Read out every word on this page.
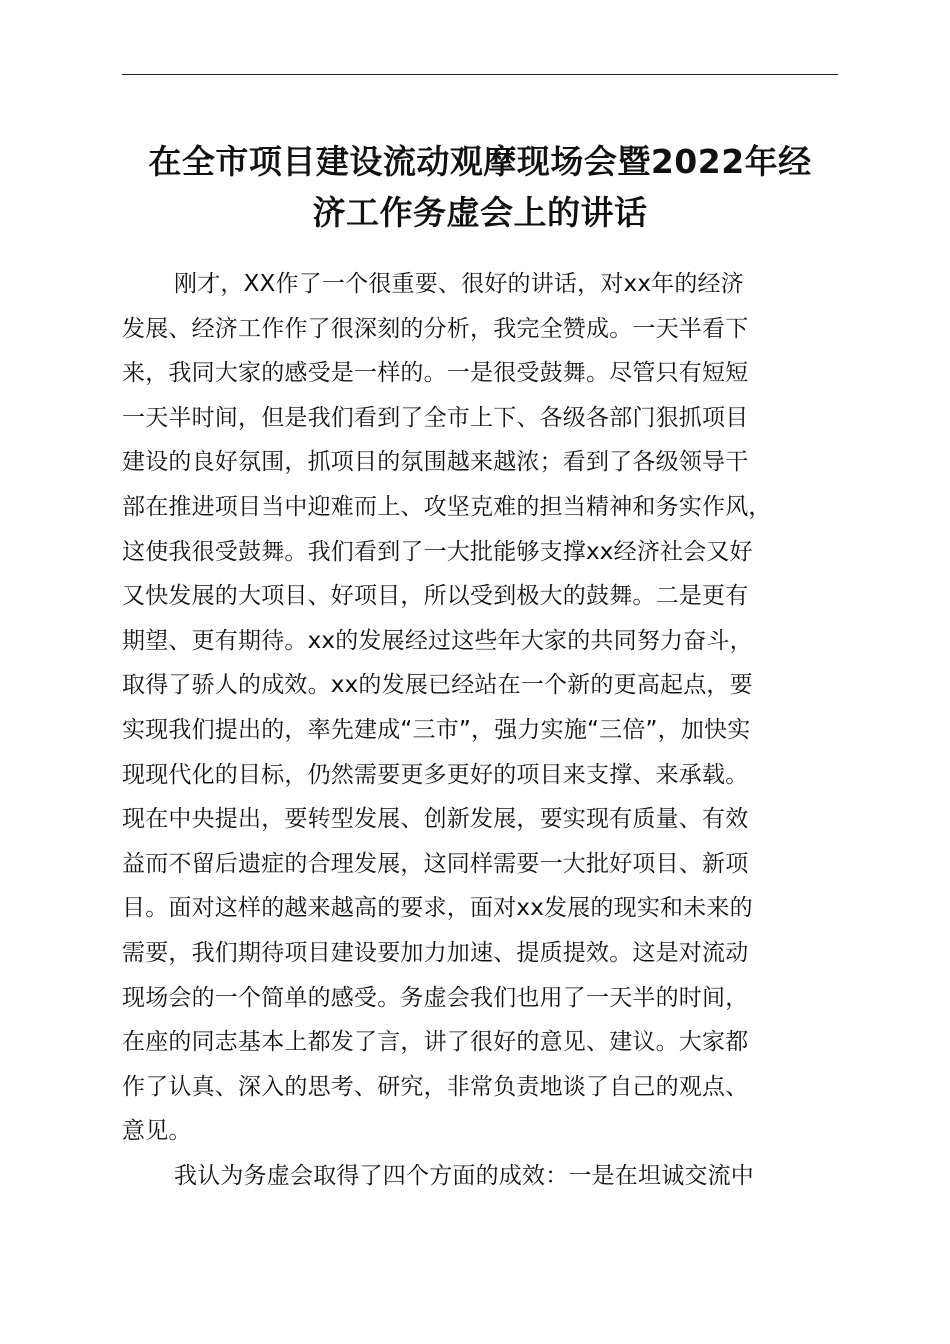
在全市项目建设流动观摩现场会暨2022年经
济工作务虚会上的讲话
刚才，XX作了一个很重要、很好的讲话，对xx年的经济
发展、经济工作作了很深刻的分析，我完全赞成。一天半看下
来，我同大家的感受是一样的。一是很受鼓舞。尽管只有短短
一天半时间，但是我们看到了全市上下、各级各部门狠抓项目
建设的良好氛围，抓项目的氛围越来越浓；看到了各级领导干
部在推进项目当中迎难而上、攻坚克难的担当精神和务实作风，
这使我很受鼓舞。我们看到了一大批能够支撑xx经济社会又好
又快发展的大项目、好项目，所以受到极大的鼓舞。二是更有
期望、更有期待。xx的发展经过这些年大家的共同努力奋斗，
取得了骄人的成效。xx的发展已经站在一个新的更高起点，要
实现我们提出的，率先建成“三市”，强力实施“三倍”，加快实
现现代化的目标，仍然需要更多更好的项目来支撑、来承载。
现在中央提出，要转型发展、创新发展，要实现有质量、有效
益而不留后遗症的合理发展，这同样需要一大批好项目、新项
目。面对这样的越来越高的要求，面对xx发展的现实和未来的
需要，我们期待项目建设要加力加速、提质提效。这是对流动
现场会的一个简单的感受。务虚会我们也用了一天半的时间，
在座的同志基本上都发了言，讲了很好的意见、建议。大家都
作了认真、深入的思考、研究，非常负责地谈了自己的观点、
意见。
我认为务虚会取得了四个方面的成效：一是在坦诚交流中
